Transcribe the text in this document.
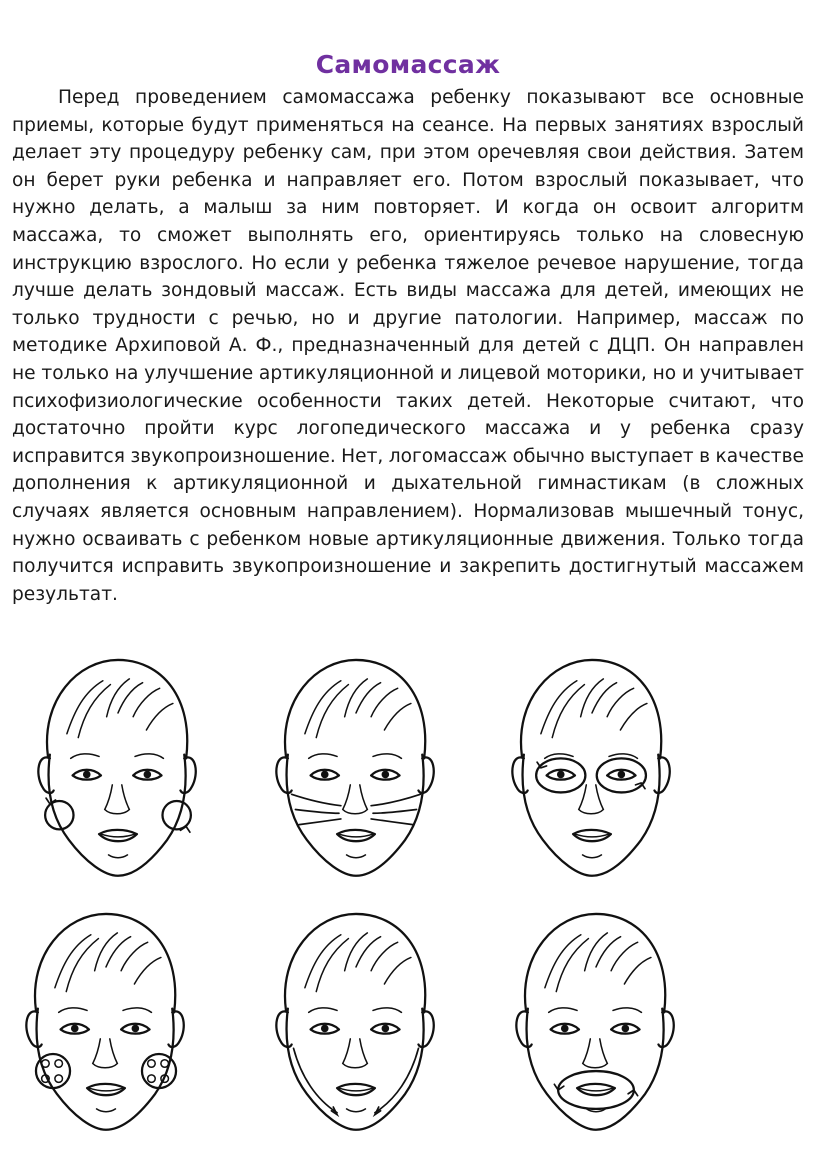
Самомассаж
Перед проведением самомассажа ребенку показывают все основные приемы, которые будут применяться на сеансе. На первых занятиях взрослый делает эту процедуру ребенку сам, при этом оречевляя свои действия. Затем он берет руки ребенка и направляет его. Потом взрослый показывает, что нужно делать, а малыш за ним повторяет. И когда он освоит алгоритм массажа, то сможет выполнять его, ориентируясь только на словесную инструкцию взрослого. Но если у ребенка тяжелое речевое нарушение, тогда лучше делать зондовый массаж. Есть виды массажа для детей, имеющих не только трудности с речью, но и другие патологии. Например, массаж по методике Архиповой А. Ф., предназначенный для детей с ДЦП. Он направлен не только на улучшение артикуляционной и лицевой моторики, но и учитывает психофизиологические особенности таких детей. Некоторые считают, что достаточно пройти курс логопедического массажа и у ребенка сразу исправится звукопроизношение. Нет, логомассаж обычно выступает в качестве дополнения к артикуляционной и дыхательной гимнастикам (в сложных случаях является основным направлением). Нормализовав мышечный тонус, нужно осваивать с ребенком новые артикуляционные движения. Только тогда получится исправить звукопроизношение и закрепить достигнутый массажем результат.
